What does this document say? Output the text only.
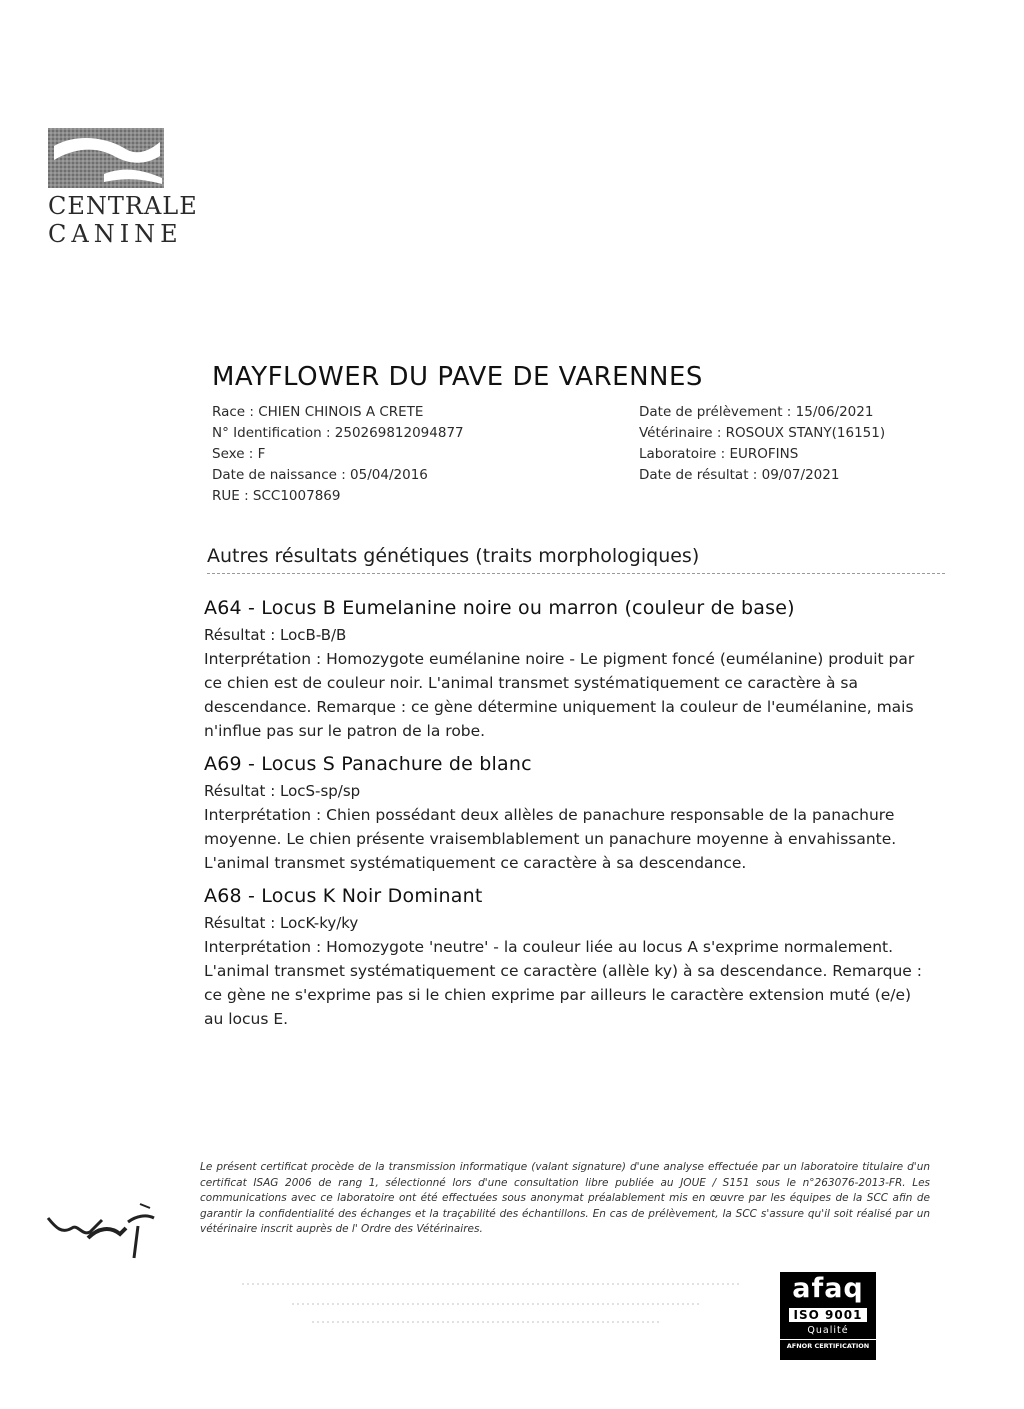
CENTRALE
CANINE
MAYFLOWER DU PAVE DE VARENNES
Race : CHIEN CHINOIS A CRETE
N° Identification : 250269812094877
Sexe : F
Date de naissance : 05/04/2016
RUE : SCC1007869
Date de prélèvement : 15/06/2021
Vétérinaire : ROSOUX STANY(16151)
Laboratoire : EUROFINS
Date de résultat : 09/07/2021
Autres résultats génétiques (traits morphologiques)
A64 - Locus B Eumelanine noire ou marron (couleur de base)
Résultat : LocB-B/B
Interprétation : Homozygote eumélanine noire - Le pigment foncé (eumélanine) produit par ce chien est de couleur noir. L'animal transmet systématiquement ce caractère à sa descendance. Remarque : ce gène détermine uniquement la couleur de l'eumélanine, mais n'influe pas sur le patron de la robe.
A69 - Locus S Panachure de blanc
Résultat : LocS-sp/sp
Interprétation : Chien possédant deux allèles de panachure responsable de la panachure moyenne. Le chien présente vraisemblablement un panachure moyenne à envahissante. L'animal transmet systématiquement ce caractère à sa descendance.
A68 - Locus K Noir Dominant
Résultat : LocK-ky/ky
Interprétation : Homozygote 'neutre' - la couleur liée au locus A s'exprime normalement. L'animal transmet systématiquement ce caractère (allèle ky) à sa descendance. Remarque : ce gène ne s'exprime pas si le chien exprime par ailleurs le caractère extension muté (e/e) au locus E.
Le présent certificat procède de la transmission informatique (valant signature) d'une analyse effectuée par un laboratoire titulaire d'un certificat ISAG 2006 de rang 1, sélectionné lors d'une consultation libre publiée au JOUE / S151 sous le n°263076-2013-FR. Les communications avec ce laboratoire ont été effectuées sous anonymat préalablement mis en œuvre par les équipes de la SCC afin de garantir la confidentialité des échanges et la traçabilité des échantillons. En cas de prélèvement, la SCC s'assure qu'il soit réalisé par un vétérinaire inscrit auprès de l' Ordre des Vétérinaires.
afaq
ISO 9001
Qualité
AFNOR CERTIFICATION
